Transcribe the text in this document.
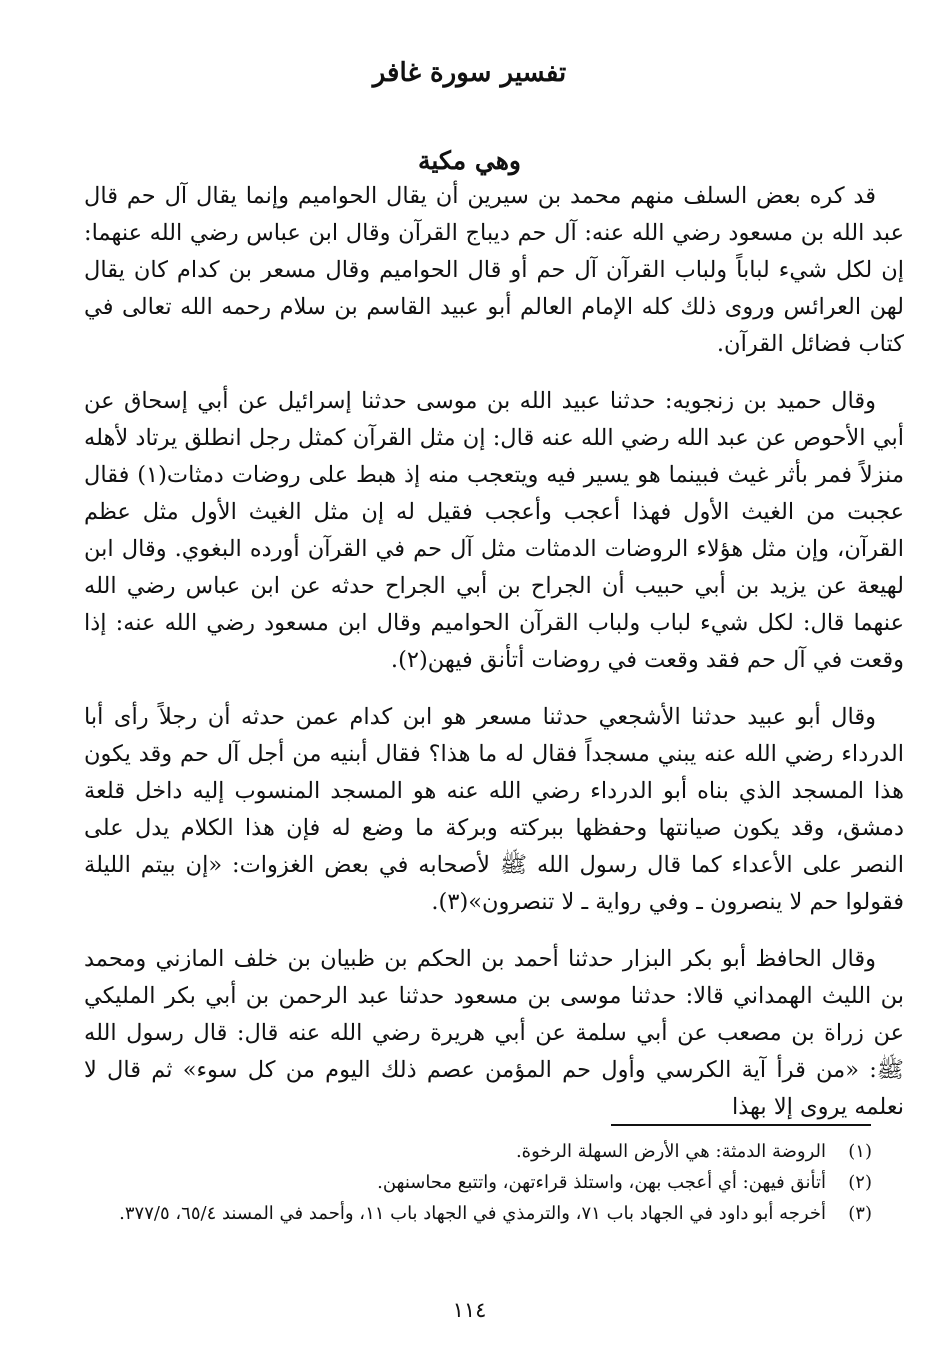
تفسير سورة غافر
وهي مكية

قد كره بعض السلف منهم محمد بن سيرين أن يقال الحواميم وإنما يقال آل حم قال عبد الله بن مسعود رضي الله عنه: آل حم ديباج القرآن وقال ابن عباس رضي الله عنهما: إن لكل شيء لباباً ولباب القرآن آل حم أو قال الحواميم وقال مسعر بن كدام كان يقال لهن العرائس وروى ذلك كله الإمام العالم أبو عبيد القاسم بن سلام رحمه الله تعالى في كتاب فضائل القرآن.

وقال حميد بن زنجويه: حدثنا عبيد الله بن موسى حدثنا إسرائيل عن أبي إسحاق عن أبي الأحوص عن عبد الله رضي الله عنه قال: إن مثل القرآن كمثل رجل انطلق يرتاد لأهله منزلاً فمر بأثر غيث فبينما هو يسير فيه ويتعجب منه إذ هبط على روضات دمثات(١) فقال عجبت من الغيث الأول فهذا أعجب وأعجب فقيل له إن مثل الغيث الأول مثل عظم القرآن، وإن مثل هؤلاء الروضات الدمثات مثل آل حم في القرآن أورده البغوي. وقال ابن لهيعة عن يزيد بن أبي حبيب أن الجراح بن أبي الجراح حدثه عن ابن عباس رضي الله عنهما قال: لكل شيء لباب ولباب القرآن الحواميم وقال ابن مسعود رضي الله عنه: إذا وقعت في آل حم فقد وقعت في روضات أتأنق فيهن(٢).

وقال أبو عبيد حدثنا الأشجعي حدثنا مسعر هو ابن كدام عمن حدثه أن رجلاً رأى أبا الدرداء رضي الله عنه يبني مسجداً فقال له ما هذا؟ فقال أبنيه من أجل آل حم وقد يكون هذا المسجد الذي بناه أبو الدرداء رضي الله عنه هو المسجد المنسوب إليه داخل قلعة دمشق، وقد يكون صيانتها وحفظها ببركته وبركة ما وضع له فإن هذا الكلام يدل على النصر على الأعداء كما قال رسول الله ﷺ لأصحابه في بعض الغزوات: «إن بيتم الليلة فقولوا حم لا ينصرون ـ وفي رواية ـ لا تنصرون»(٣).

وقال الحافظ أبو بكر البزار حدثنا أحمد بن الحكم بن ظبيان بن خلف المازني ومحمد بن الليث الهمداني قالا: حدثنا موسى بن مسعود حدثنا عبد الرحمن بن أبي بكر المليكي عن زراة بن مصعب عن أبي سلمة عن أبي هريرة رضي الله عنه قال: قال رسول الله ﷺ: «من قرأ آية الكرسي وأول حم المؤمن عصم ذلك اليوم من كل سوء» ثم قال لا نعلمه يروى إلا بهذا

(١)
الروضة الدمثة: هي الأرض السهلة الرخوة.
(٢)
أتأنق فيهن: أي أعجب بهن، واستلذ قراءتهن، واتتبع محاسنهن.
(٣)
أخرجه أبو داود في الجهاد باب ٧١، والترمذي في الجهاد باب ١١، وأحمد في المسند ٦٥/٤، ٣٧٧/٥.
١١٤
